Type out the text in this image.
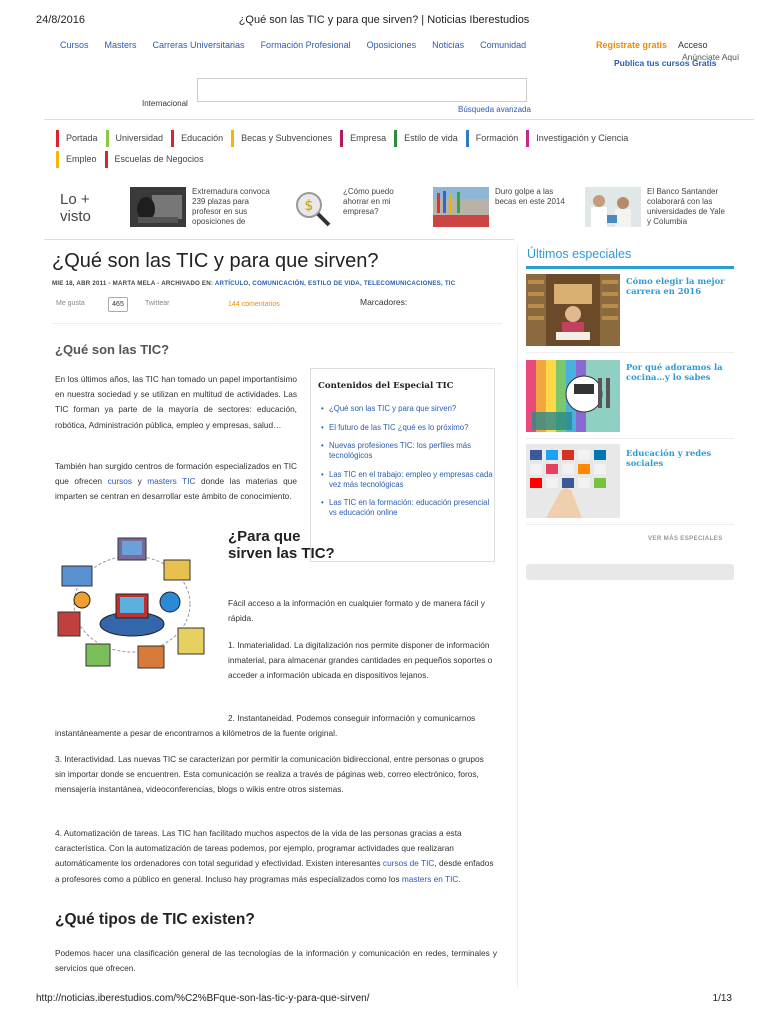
24/8/2016	¿Qué son las TIC y para que sirven? | Noticias Iberestudios
Cursos Masters Carreras Universitarias Formación Profesional Oposiciones Noticias Comunidad	Regístrate gratis Acceso
Anúnciate Aquí
Publica tus cursos Gratis
Internacional
Búsqueda avanzada
Portada	Universidad	Educación	Becas y Subvenciones	Empresa	Estilo de vida	Formación	Investigación y Ciencia
Empleo	Escuelas de Negocios
Lo + visto
Extremadura convoca 239 plazas para profesor en sus oposiciones de
$
¿Cómo puedo ahorrar en mi empresa?
Duro golpe a las becas en este 2014
El Banco Santander colaborará con las universidades de Yale y Columbia
¿Qué son las TIC y para que sirven?
MIE 18, ABR 2011 - MARTA MELA - ARCHIVADO EN: ARTÍCULO, COMUNICACIÓN, ESTILO DE VIDA, TELECOMUNICACIONES, TIC
Me gusta	465	Twittear	144 comentarios	Marcadores:
¿Qué son las TIC?

En los últimos años, las TIC han tomado un papel importantísimo en nuestra sociedad y se utilizan en multitud de actividades. Las TIC forman ya parte de la mayoría de sectores: educación, robótica, Administración pública, empleo y empresas, salud…

También han surgido centros de formación especializados en TIC que ofrecen cursos y masters TIC donde las materias que imparten se centran en desarrollar este ámbito de conocimiento.

Contenidos del Especial TIC
• ¿Qué son las TIC y para que sirven?
• El futuro de las TIC ¿qué es lo próximo?
• Nuevas profesiones TIC: los perfiles más tecnológicos
• Las TIC en el trabajo: empleo y empresas cada vez más tecnológicas
• Las TIC en la formación: educación presencial vs educación online
¿Para que sirven las TIC?

Fácil acceso a la información en cualquier formato y de manera fácil y rápida.

1. Inmaterialidad. La digitalización nos permite disponer de información inmaterial, para almacenar grandes cantidades en pequeños soportes o acceder a información ubicada en dispositivos lejanos.

2. Instantaneidad. Podemos conseguir información y comunicarnos instantáneamente a pesar de encontrarnos a kilómetros de la fuente original.

3. Interactividad. Las nuevas TIC se caracterizan por permitir la comunicación bidireccional, entre personas o grupos sin importar donde se encuentren. Esta comunicación se realiza a través de páginas web, correo electrónico, foros, mensajería instantánea, videoconferencias, blogs o wikis entre otros sistemas.

4. Automatización de tareas. Las TIC han facilitado muchos aspectos de la vida de las personas gracias a esta característica. Con la automatización de tareas podemos, por ejemplo, programar actividades que realizaran automáticamente los ordenadores con total seguridad y efectividad. Existen interesantes cursos de TIC, desde enfados a profesores como a público en general. Incluso hay programas más especializados como los masters en TIC.

¿Qué tipos de TIC existen?

Podemos hacer una clasificación general de las tecnologías de la información y comunicación en redes, terminales y servicios que ofrecen.

Últimos especiales
Cómo elegir la mejor carrera en 2016
Por qué adoramos la cocina…y lo sabes
Educación y redes sociales
VER MÁS ESPECIALES
http://noticias.iberestudios.com/%C2%BFque-son-las-tic-y-para-que-sirven/	1/13
